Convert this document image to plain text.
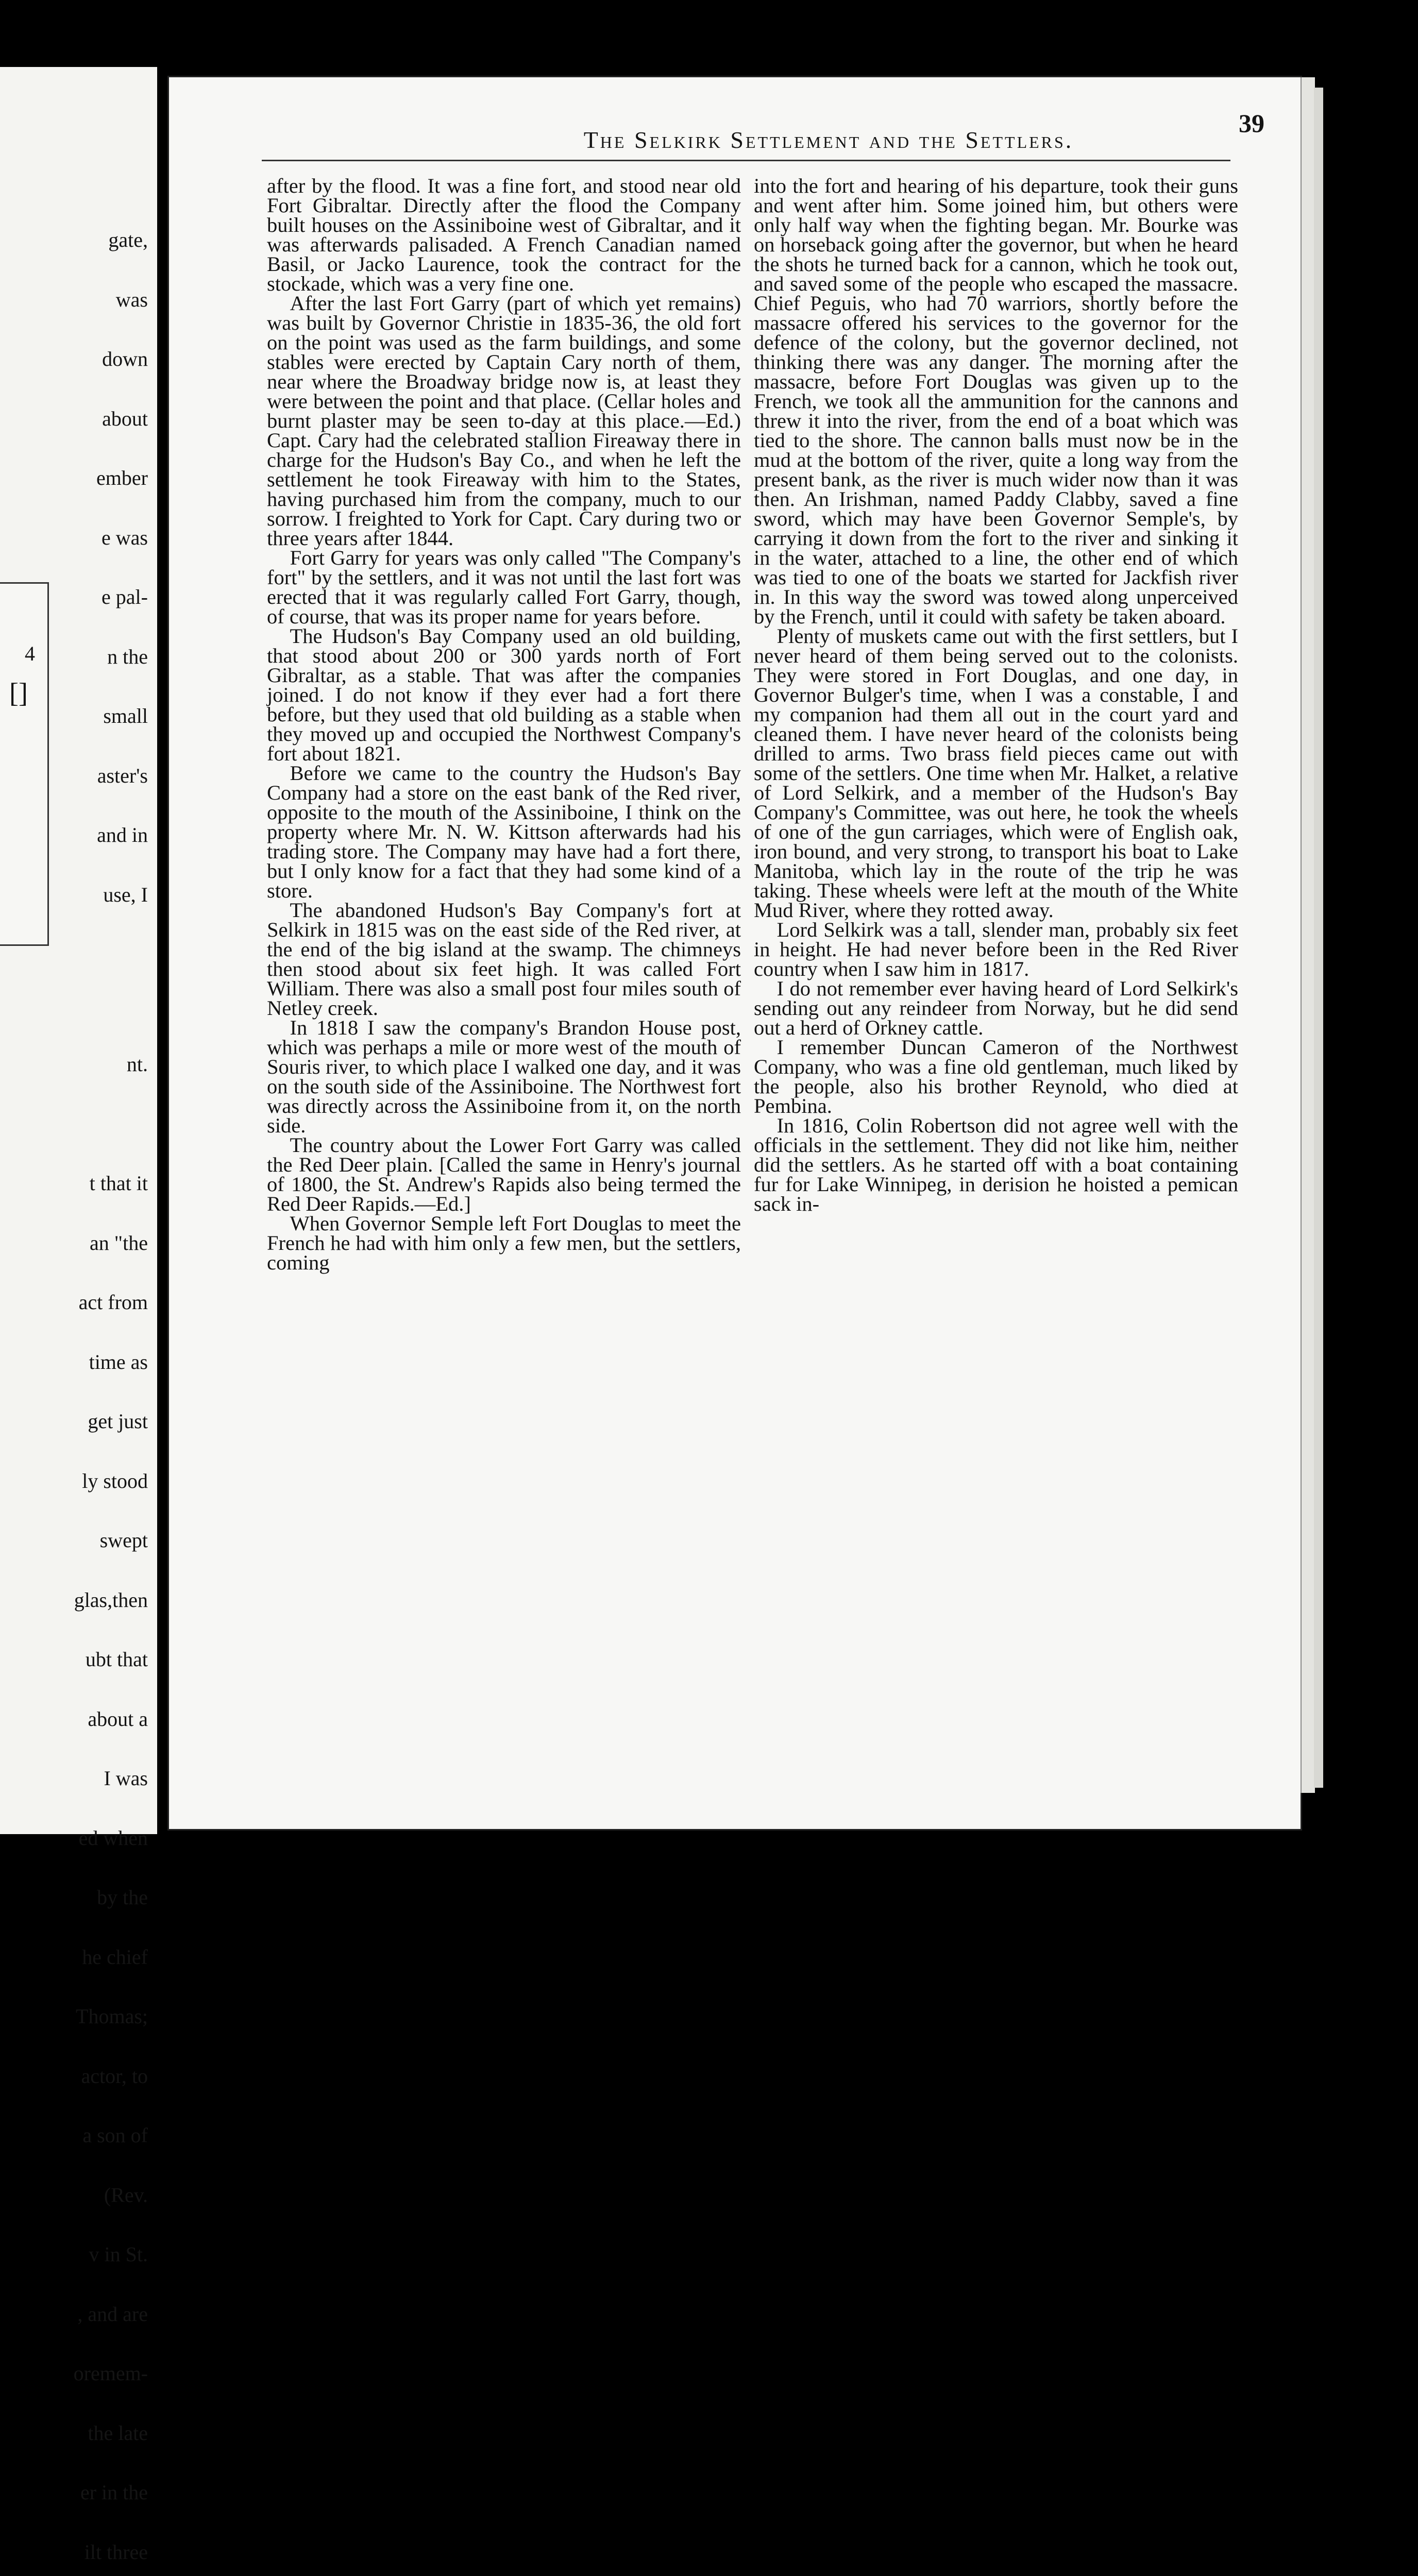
gate,

was

down

about

ember

e was

e pal-

n the

small

aster's

and in

use, I

4
[]

nt.

t that it

an "the

act from

time as

get just

ly stood

swept

glas,then

ubt that

about a

I was

ed when

by the

he chief

Thomas;

actor, to

a son of

(Rev.

v in St.

, and are

oremem-

the late

er in the

ilt three

The Selkirk Settlement and the Settlers.
39

after by the flood. It was a fine fort, and stood near old Fort Gibraltar. Directly after the flood the Company built houses on the Assiniboine west of Gibraltar, and it was afterwards palisaded. A French Canadian named Basil, or Jacko Laurence, took the contract for the stockade, which was a very fine one.

After the last Fort Garry (part of which yet remains) was built by Governor Christie in 1835-36, the old fort on the point was used as the farm buildings, and some stables were erected by Captain Cary north of them, near where the Broadway bridge now is, at least they were between the point and that place. (Cellar holes and burnt plaster may be seen to-day at this place.—Ed.) Capt. Cary had the celebrated stallion Fireaway there in charge for the Hudson's Bay Co., and when he left the settlement he took Fireaway with him to the States, having purchased him from the company, much to our sorrow. I freighted to York for Capt. Cary during two or three years after 1844.

Fort Garry for years was only called "The Company's fort" by the settlers, and it was not until the last fort was erected that it was regularly called Fort Garry, though, of course, that was its proper name for years before.

The Hudson's Bay Company used an old building, that stood about 200 or 300 yards north of Fort Gibraltar, as a stable. That was after the companies joined. I do not know if they ever had a fort there before, but they used that old building as a stable when they moved up and occupied the Northwest Company's fort about 1821.

Before we came to the country the Hudson's Bay Company had a store on the east bank of the Red river, opposite to the mouth of the Assiniboine, I think on the property where Mr. N. W. Kittson afterwards had his trading store. The Company may have had a fort there, but I only know for a fact that they had some kind of a store.

The abandoned Hudson's Bay Company's fort at Selkirk in 1815 was on the east side of the Red river, at the end of the big island at the swamp. The chimneys then stood about six feet high. It was called Fort William. There was also a small post four miles south of Netley creek.

In 1818 I saw the company's Brandon House post, which was perhaps a mile or more west of the mouth of Souris river, to which place I walked one day, and it was on the south side of the Assiniboine. The Northwest fort was directly across the Assiniboine from it, on the north side.

The country about the Lower Fort Garry was called the Red Deer plain. [Called the same in Henry's journal of 1800, the St. Andrew's Rapids also being termed the Red Deer Rapids.—Ed.]

When Governor Semple left Fort Douglas to meet the French he had with him only a few men, but the settlers, coming

into the fort and hearing of his departure, took their guns and went after him. Some joined him, but others were only half way when the fighting began. Mr. Bourke was on horseback going after the governor, but when he heard the shots he turned back for a cannon, which he took out, and saved some of the people who escaped the massacre. Chief Peguis, who had 70 warriors, shortly before the massacre offered his services to the governor for the defence of the colony, but the governor declined, not thinking there was any danger. The morning after the massacre, before Fort Douglas was given up to the French, we took all the ammunition for the cannons and threw it into the river, from the end of a boat which was tied to the shore. The cannon balls must now be in the mud at the bottom of the river, quite a long way from the present bank, as the river is much wider now than it was then. An Irishman, named Paddy Clabby, saved a fine sword, which may have been Governor Semple's, by carrying it down from the fort to the river and sinking it in the water, attached to a line, the other end of which was tied to one of the boats we started for Jackfish river in. In this way the sword was towed along unperceived by the French, until it could with safety be taken aboard.

Plenty of muskets came out with the first settlers, but I never heard of them being served out to the colonists. They were stored in Fort Douglas, and one day, in Governor Bulger's time, when I was a constable, I and my companion had them all out in the court yard and cleaned them. I have never heard of the colonists being drilled to arms. Two brass field pieces came out with some of the settlers. One time when Mr. Halket, a relative of Lord Selkirk, and a member of the Hudson's Bay Company's Committee, was out here, he took the wheels of one of the gun carriages, which were of English oak, iron bound, and very strong, to transport his boat to Lake Manitoba, which lay in the route of the trip he was taking. These wheels were left at the mouth of the White Mud River, where they rotted away.

Lord Selkirk was a tall, slender man, probably six feet in height. He had never before been in the Red River country when I saw him in 1817.

I do not remember ever having heard of Lord Selkirk's sending out any reindeer from Norway, but he did send out a herd of Orkney cattle.

I remember Duncan Cameron of the Northwest Company, who was a fine old gentleman, much liked by the people, also his brother Reynold, who died at Pembina.

In 1816, Colin Robertson did not agree well with the officials in the settlement. They did not like him, neither did the settlers. As he started off with a boat containing fur for Lake Winnipeg, in derision he hoisted a pemican sack in-
